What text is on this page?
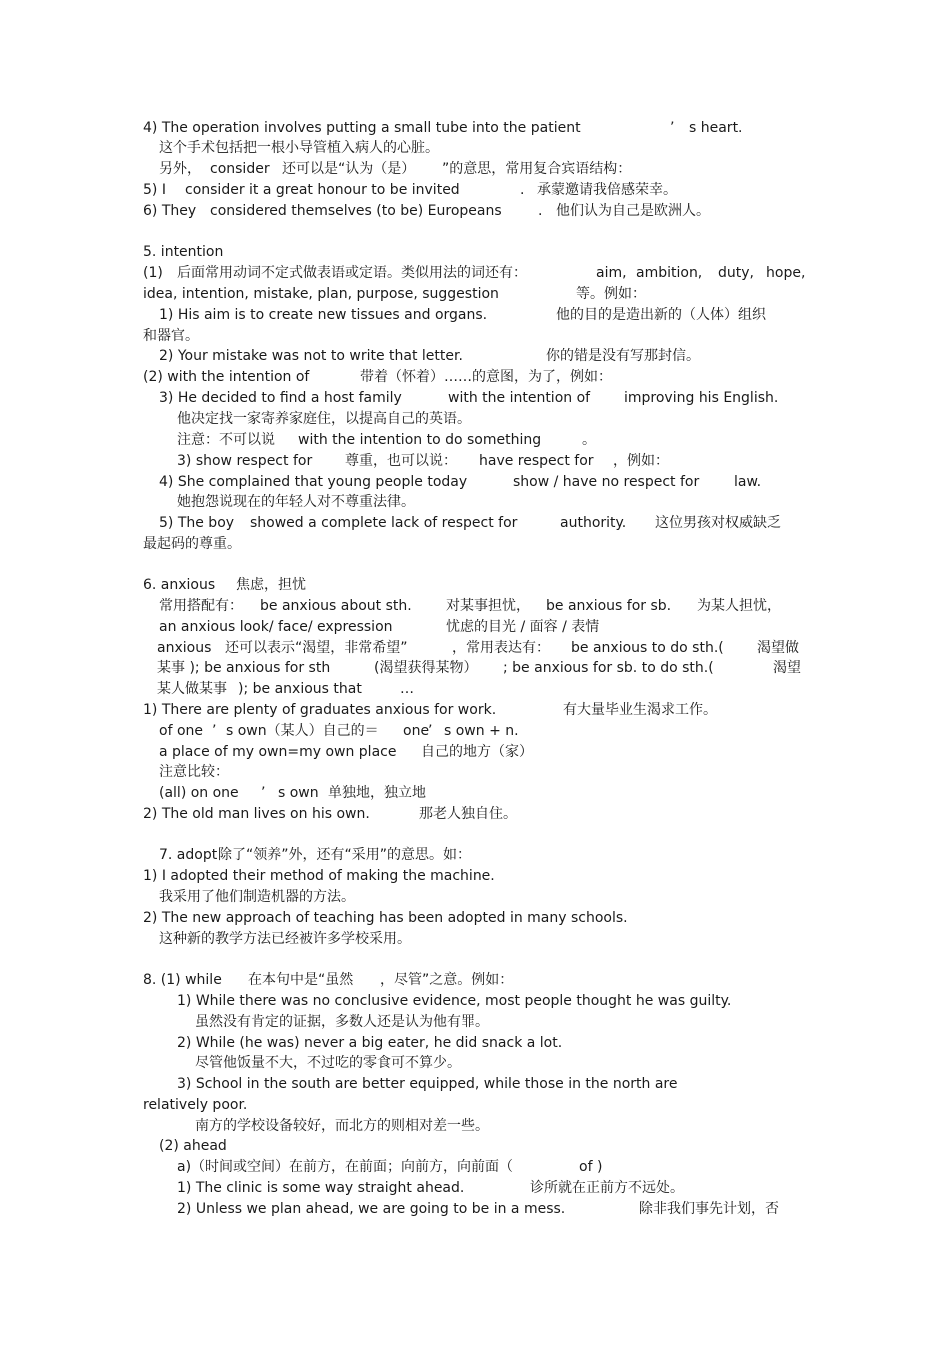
4) The operation involves putting a small tube into the patient	’ s heart.
这个手术包括把一根小导管植入病人的心脏。
另外， consider 还可以是“认为（是） ”的意思，常用复合宾语结构：
5) I consider it a great honour to be invited	. 承蒙邀请我倍感荣幸。
6) They considered themselves (to be) Europeans	. 他们认为自己是欧洲人。
5. intention
(1) 后面常用动词不定式做表语或定语。类似用法的词还有：	aim, ambition, duty, hope,
idea, intention, mistake, plan, purpose, suggestion	等。例如：
1) His aim is to create new tissues and organs.	他的目的是造出新的（人体）组织
和器官。
2) Your mistake was not to write that letter.	你的错是没有写那封信。
(2) with the intention of	带着（怀着）……的意图，为了，例如：
3) He decided to find a host family	with the intention of improving his English.
他决定找一家寄养家庭住，以提高自己的英语。
注意：不可以说 with the intention to do something	。
3) show respect for 尊重，也可以说： have respect for ，例如：
4) She complained that young people today	show / have no respect for law.
她抱怨说现在的年轻人对不尊重法律。
5) The boy showed a complete lack of respect for	authority. 这位男孩对权威缺乏
最起码的尊重。
6. anxious 焦虑，担忧
常用搭配有： be anxious about sth. 对某事担忧， be anxious for sb. 为某人担忧，
an anxious look/ face/ expression	忧虑的目光 / 面容 / 表情
anxious 还可以表示“渴望，非常希望”	，常用表达有： be anxious to do sth.( 渴望做
某事 ); be anxious for sth	(渴望获得某物） ; be anxious for sb. to do sth.(	渴望
某人做某事 ); be anxious that	…
1) There are plenty of graduates anxious for work.	有大量毕业生渴求工作。
of one ’ s own（某人）自己的＝ one
’ s own + n.
a place of my own=my own place 自己的地方（家）
注意比较：
(all) on one ’ s own 单独地，独立地
2) The old man lives on his own.	那老人独自住。
7. adopt 除了“领养”外，还有“采用”的意思。如：
1) I adopted their method of making the machine.
我采用了他们制造机器的方法。
2) The new approach of teaching has been adopted in many schools.
这种新的教学方法已经被许多学校采用。
8. (1) while 在本句中是“虽然 ，尽管”之意。例如：
1) While there was no conclusive evidence, most people thought he was guilty.
虽然没有肯定的证据，多数人还是认为他有罪。
2) While (he was) never a big eater, he did snack a lot.
尽管他饭量不大，不过吃的零食可不算少。
3) School in the south are better equipped, while those in the north are
relatively poor.
南方的学校设备较好，而北方的则相对差一些。
(2) ahead
a)（时间或空间）在前方，在前面；向前方，向前面（	of )
1) The clinic is some way straight ahead.	诊所就在正前方不远处。
2) Unless we plan ahead, we are going to be in a mess.	除非我们事先计划，否
